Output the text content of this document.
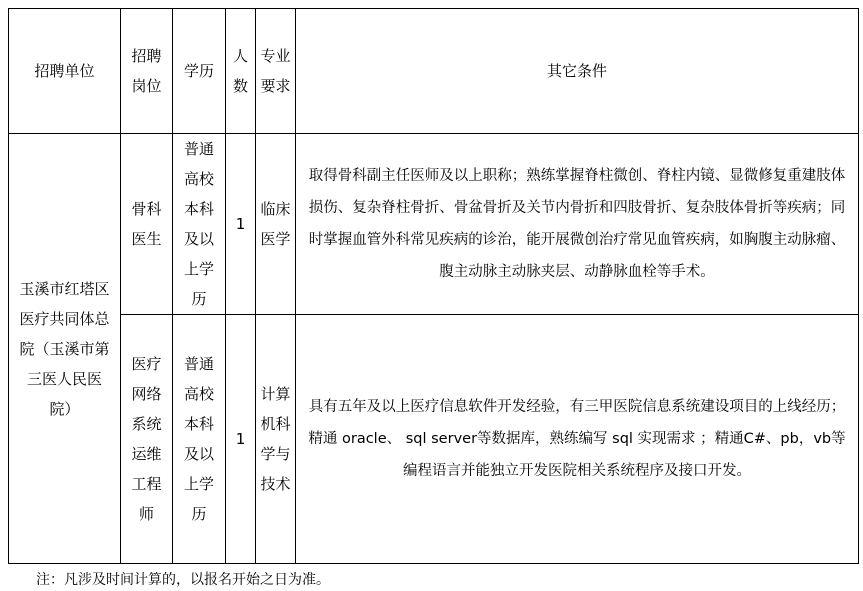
招聘单位	招聘岗位	学历	人数	专业要求	其它条件
玉溪市红塔区医疗共同体总院（玉溪市第三医人民医院）	骨科医生	普通高校本科及以上学历	1	临床医学	取得骨科副主任医师及以上职称；熟练掌握脊柱微创、脊柱内镜、显微修复重建肢体损伤、复杂脊柱骨折、骨盆骨折及关节内骨折和四肢骨折、复杂肢体骨折等疾病；同时掌握血管外科常见疾病的诊治，能开展微创治疗常见血管疾病，如胸腹主动脉瘤、腹主动脉主动脉夹层、动静脉血栓等手术。
	医疗网络系统运维工程师	普通高校本科及以上学历	1	计算机科学与技术	具有五年及以上医疗信息软件开发经验，有三甲医院信息系统建设项目的上线经历；精通 oracle、 sql server等数据库，熟练编写 sql 实现需求 ；精通C#、pb，vb等编程语言并能独立开发医院相关系统程序及接口开发。
注：凡涉及时间计算的，以报名开始之日为准。
